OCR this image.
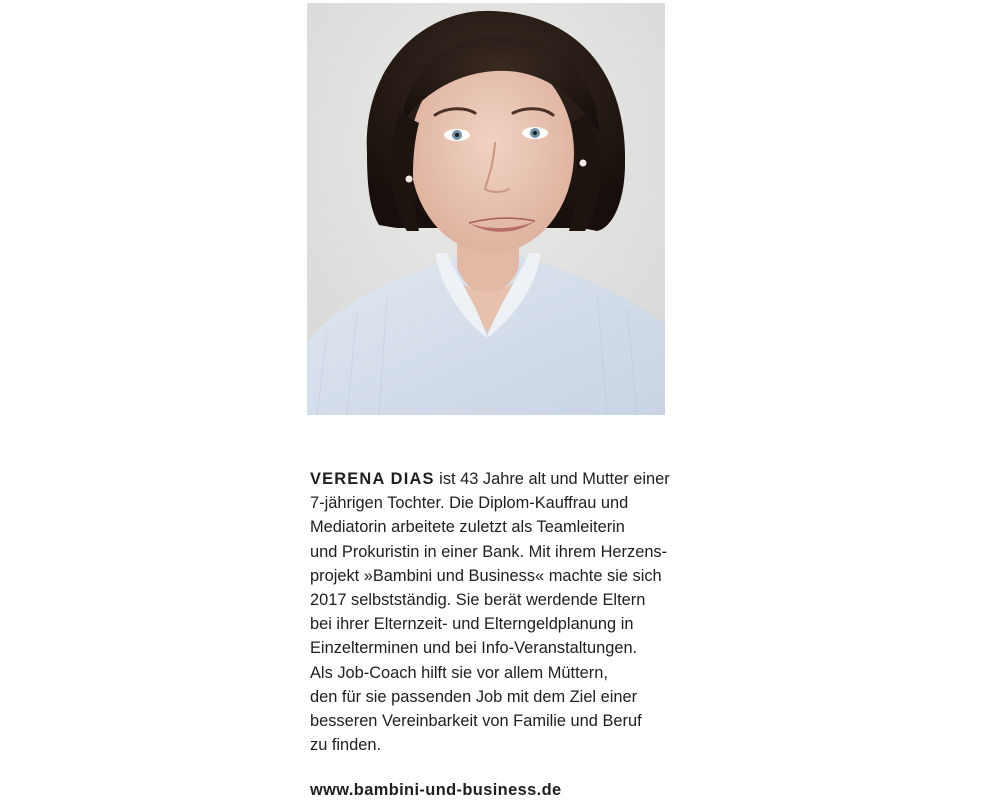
VERENA DIAS ist 43 Jahre alt und Mutter einer
7-jährigen Tochter. Die Diplom-Kauffrau und
Mediatorin arbeitete zuletzt als Teamleiterin
und Prokuristin in einer Bank. Mit ihrem Herzens-
projekt »Bambini und Business« machte sie sich
2017 selbstständig. Sie berät werdende Eltern
bei ihrer Elternzeit- und Elterngeldplanung in
Einzelterminen und bei Info-Veranstaltungen.
Als Job-Coach hilft sie vor allem Müttern,
den für sie passenden Job mit dem Ziel einer
besseren Vereinbarkeit von Familie und Beruf
zu finden.
www.bambini-und-business.de
